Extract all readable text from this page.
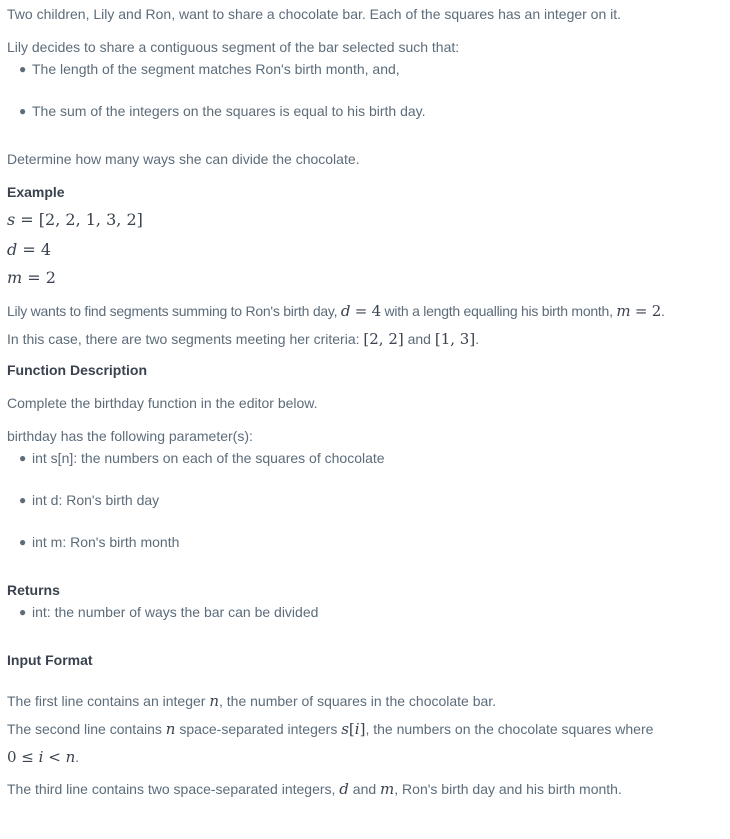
Two children, Lily and Ron, want to share a chocolate bar. Each of the squares has an integer on it.

Lily decides to share a contiguous segment of the bar selected such that:

● The length of the segment matches Ron's birth month, and,
● The sum of the integers on the squares is equal to his birth day.

Determine how many ways she can divide the chocolate.

Example

s = [2, 2, 1, 3, 2]
d = 4
m = 2
Lily wants to find segments summing to Ron's birth day, d = 4 with a length equalling his birth month, m = 2.
In this case, there are two segments meeting her criteria: [2, 2] and [1, 3].

Function Description

Complete the birthday function in the editor below.

birthday has the following parameter(s):

● int s[n]: the numbers on each of the squares of chocolate
● int d: Ron's birth day
● int m: Ron's birth month

Returns

● int: the number of ways the bar can be divided

Input Format

The first line contains an integer n, the number of squares in the chocolate bar.
The second line contains n space-separated integers s[i], the numbers on the chocolate squares where
0 ≤ i < n.
The third line contains two space-separated integers, d and m, Ron's birth day and his birth month.
